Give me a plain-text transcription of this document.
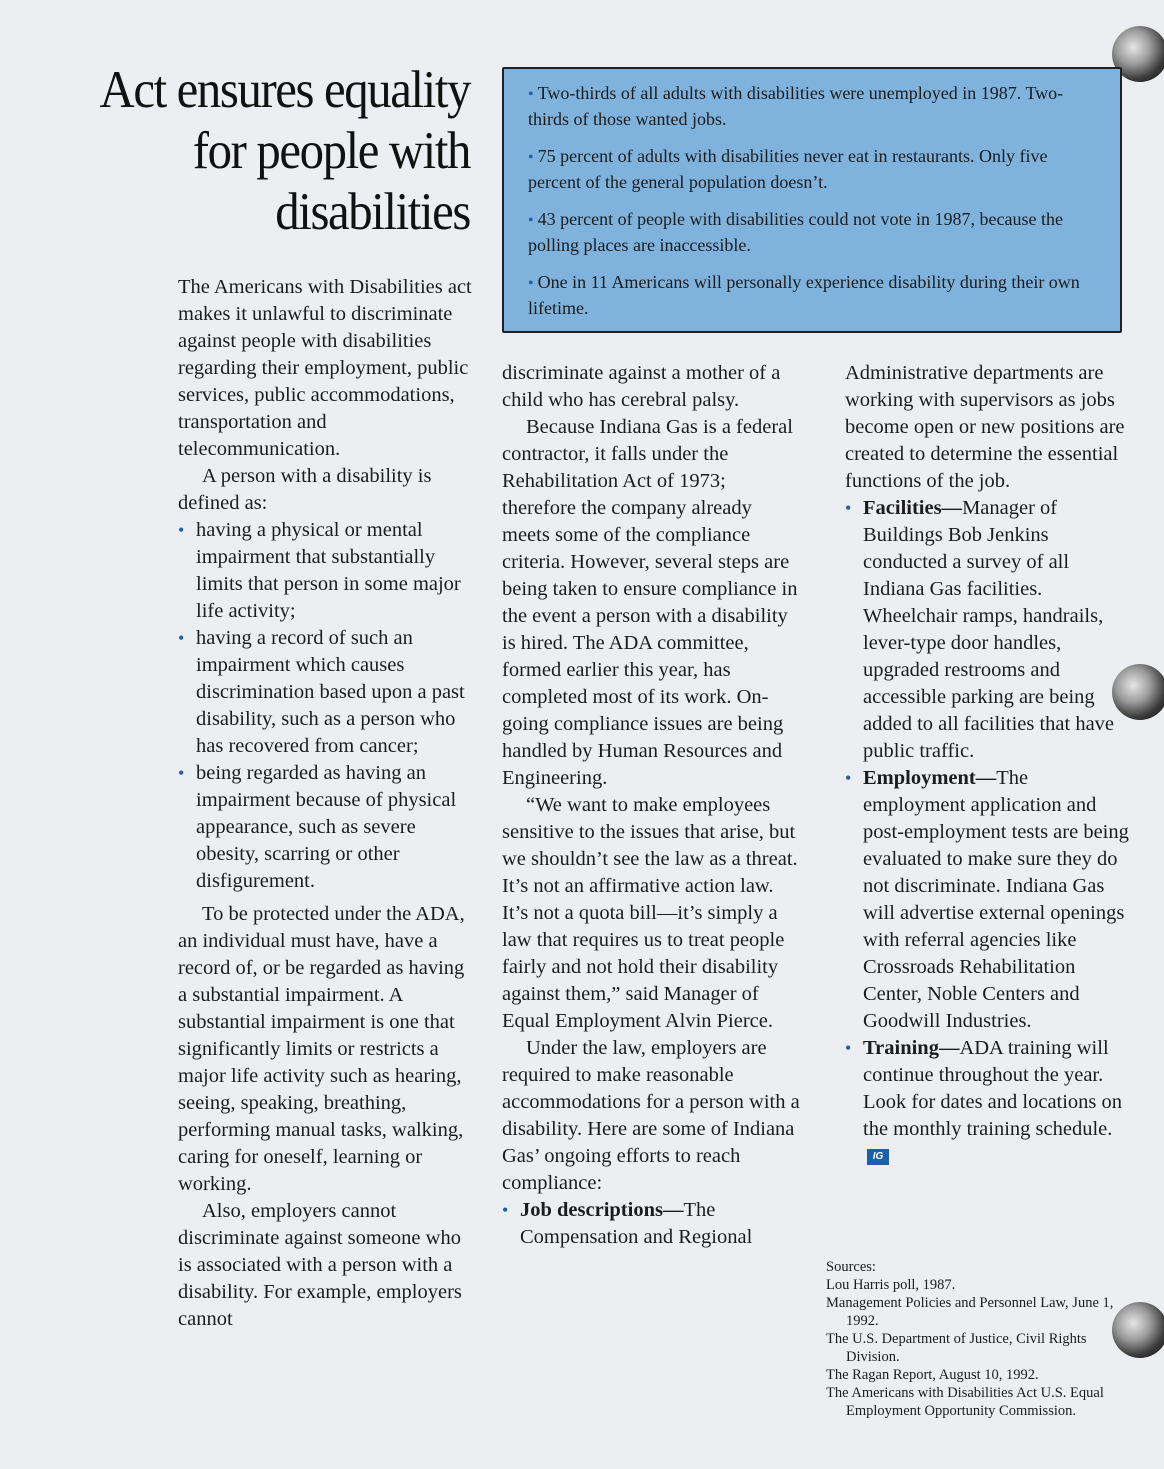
Act ensures equality
for people with
disabilities

• Two-thirds of all adults with disabilities were unemployed in 1987. Two-thirds of those wanted jobs.

• 75 percent of adults with disabilities never eat in restaurants. Only five percent of the general population doesn’t.

• 43 percent of people with disabilities could not vote in 1987, because the polling places are inaccessible.

• One in 11 Americans will personally experience disability during their own lifetime.

The Americans with Disabilities act makes it unlawful to discriminate against people with disabilities regarding their employment, public services, public accommodations, transportation and telecommunication.

A person with a disability is defined as:

• having a physical or mental impairment that substantially limits that person in some major life activity;
• having a record of such an impairment which causes discrimination based upon a past disability, such as a person who has recovered from cancer;
• being regarded as having an impairment because of physical appearance, such as severe obesity, scarring or other disfigurement.

To be protected under the ADA, an individual must have, have a record of, or be regarded as having a substantial impairment. A substantial impairment is one that significantly limits or restricts a major life activity such as hearing, seeing, speaking, breathing, performing manual tasks, walking, caring for oneself, learning or working.

Also, employers cannot discriminate against someone who is associated with a person with a disability. For example, employers cannot

discriminate against a mother of a child who has cerebral palsy.

Because Indiana Gas is a federal contractor, it falls under the Rehabilitation Act of 1973; therefore the company already meets some of the compliance criteria. However, several steps are being taken to ensure compliance in the event a person with a disability is hired. The ADA committee, formed earlier this year, has completed most of its work. On-going compliance issues are being handled by Human Resources and Engineering.

“We want to make employees sensitive to the issues that arise, but we shouldn’t see the law as a threat. It’s not an affirmative action law. It’s not a quota bill—it’s simply a law that requires us to treat people fairly and not hold their disability against them,” said Manager of Equal Employment Alvin Pierce.

Under the law, employers are required to make reasonable accommodations for a person with a disability. Here are some of Indiana Gas’ ongoing efforts to reach compliance:

• Job descriptions—The Compensation and Regional

Administrative departments are working with supervisors as jobs become open or new positions are created to determine the essential functions of the job.

• Facilities—Manager of Buildings Bob Jenkins conducted a survey of all Indiana Gas facilities. Wheelchair ramps, handrails, lever-type door handles, upgraded restrooms and accessible parking are being added to all facilities that have public traffic.
• Employment—The employment application and post-employment tests are being evaluated to make sure they do not discriminate. Indiana Gas will advertise external openings with referral agencies like Crossroads Rehabilitation Center, Noble Centers and Goodwill Industries.
• Training—ADA training will continue throughout the year. Look for dates and locations on the monthly training schedule. IG

Sources:

Lou Harris poll, 1987.

Management Policies and Personnel Law, June 1, 1992.

The U.S. Department of Justice, Civil Rights Division.

The Ragan Report, August 10, 1992.

The Americans with Disabilities Act U.S. Equal Employment Opportunity Commission.
